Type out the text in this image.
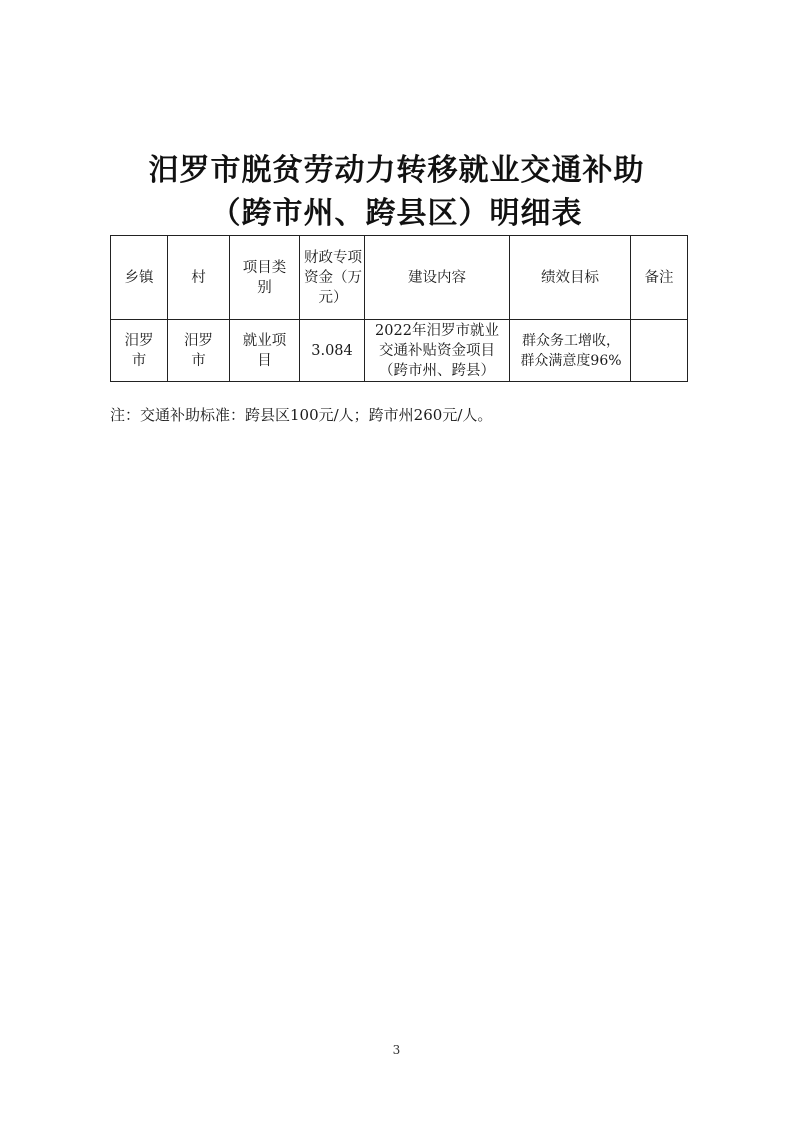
汨罗市脱贫劳动力转移就业交通补助
（跨市州、跨县区）明细表
乡镇	村	项目类别	财政专项资金（万元）	建设内容	绩效目标	备注
汨罗市	汨罗市	就业项目	3.084	2022年汨罗市就业交通补贴资金项目（跨市州、跨县）	群众务工增收，
群众满意度96%	
注：交通补助标准：跨县区100元/人；跨市州260元/人。
3
